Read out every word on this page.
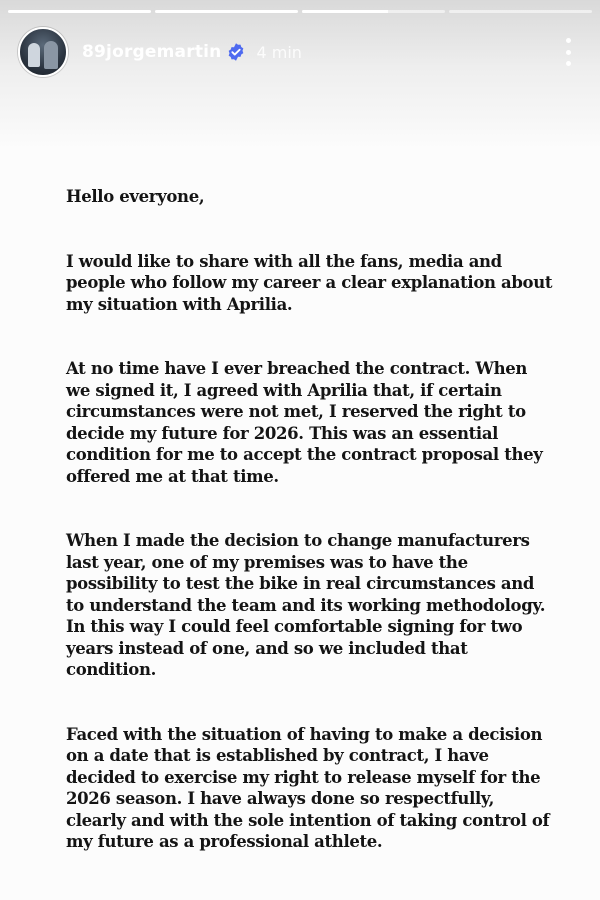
89jorgemartin 4 min

Hello everyone,

I would like to share with all the fans, media and people who follow my career a clear explanation about my situation with Aprilia.

At no time have I ever breached the contract. When we signed it, I agreed with Aprilia that, if certain circumstances were not met, I reserved the right to decide my future for 2026. This was an essential condition for me to accept the contract proposal they offered me at that time.

When I made the decision to change manufacturers last year, one of my premises was to have the possibility to test the bike in real circumstances and to understand the team and its working methodology. In this way I could feel comfortable signing for two years instead of one, and so we included that condition.

Faced with the situation of having to make a decision on a date that is established by contract, I have decided to exercise my right to release myself for the 2026 season. I have always done so respectfully, clearly and with the sole intention of taking control of my future as a professional athlete.
